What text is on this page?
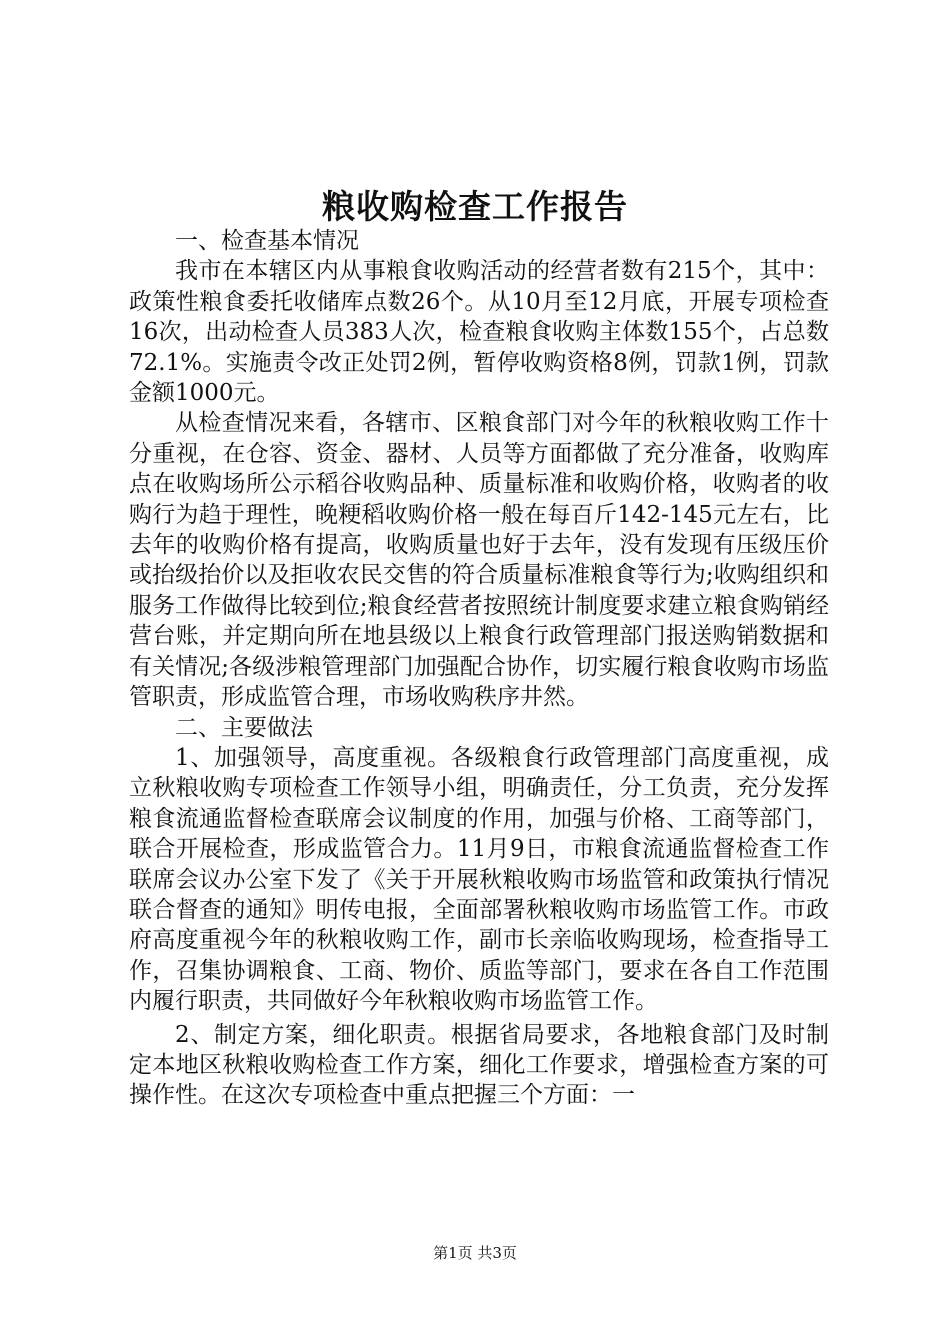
粮收购检查工作报告

一、检查基本情况

我市在本辖区内从事粮食收购活动的经营者数有215个，其中：政策性粮食委托收储库点数26个。从10月至12月底，开展专项检查16次，出动检查人员383人次，检查粮食收购主体数155个，占总数72.1%。实施责令改正处罚2例，暂停收购资格8例，罚款1例，罚款金额1000元。

从检查情况来看，各辖市、区粮食部门对今年的秋粮收购工作十分重视，在仓容、资金、器材、人员等方面都做了充分准备，收购库点在收购场所公示稻谷收购品种、质量标准和收购价格，收购者的收购行为趋于理性，晚粳稻收购价格一般在每百斤142-145元左右，比去年的收购价格有提高，收购质量也好于去年，没有发现有压级压价或抬级抬价以及拒收农民交售的符合质量标准粮食等行为;收购组织和服务工作做得比较到位;粮食经营者按照统计制度要求建立粮食购销经营台账，并定期向所在地县级以上粮食行政管理部门报送购销数据和有关情况;各级涉粮管理部门加强配合协作，切实履行粮食收购市场监管职责，形成监管合理，市场收购秩序井然。

二、主要做法

1、加强领导，高度重视。各级粮食行政管理部门高度重视，成立秋粮收购专项检查工作领导小组，明确责任，分工负责，充分发挥粮食流通监督检查联席会议制度的作用，加强与价格、工商等部门，联合开展检查，形成监管合力。11月9日，市粮食流通监督检查工作联席会议办公室下发了《关于开展秋粮收购市场监管和政策执行情况联合督查的通知》明传电报，全面部署秋粮收购市场监管工作。市政府高度重视今年的秋粮收购工作，副市长亲临收购现场，检查指导工作，召集协调粮食、工商、物价、质监等部门，要求在各自工作范围内履行职责，共同做好今年秋粮收购市场监管工作。

2、制定方案，细化职责。根据省局要求，各地粮食部门及时制定本地区秋粮收购检查工作方案，细化工作要求，增强检查方案的可操作性。在这次专项检查中重点把握三个方面：一

第1页 共3页
